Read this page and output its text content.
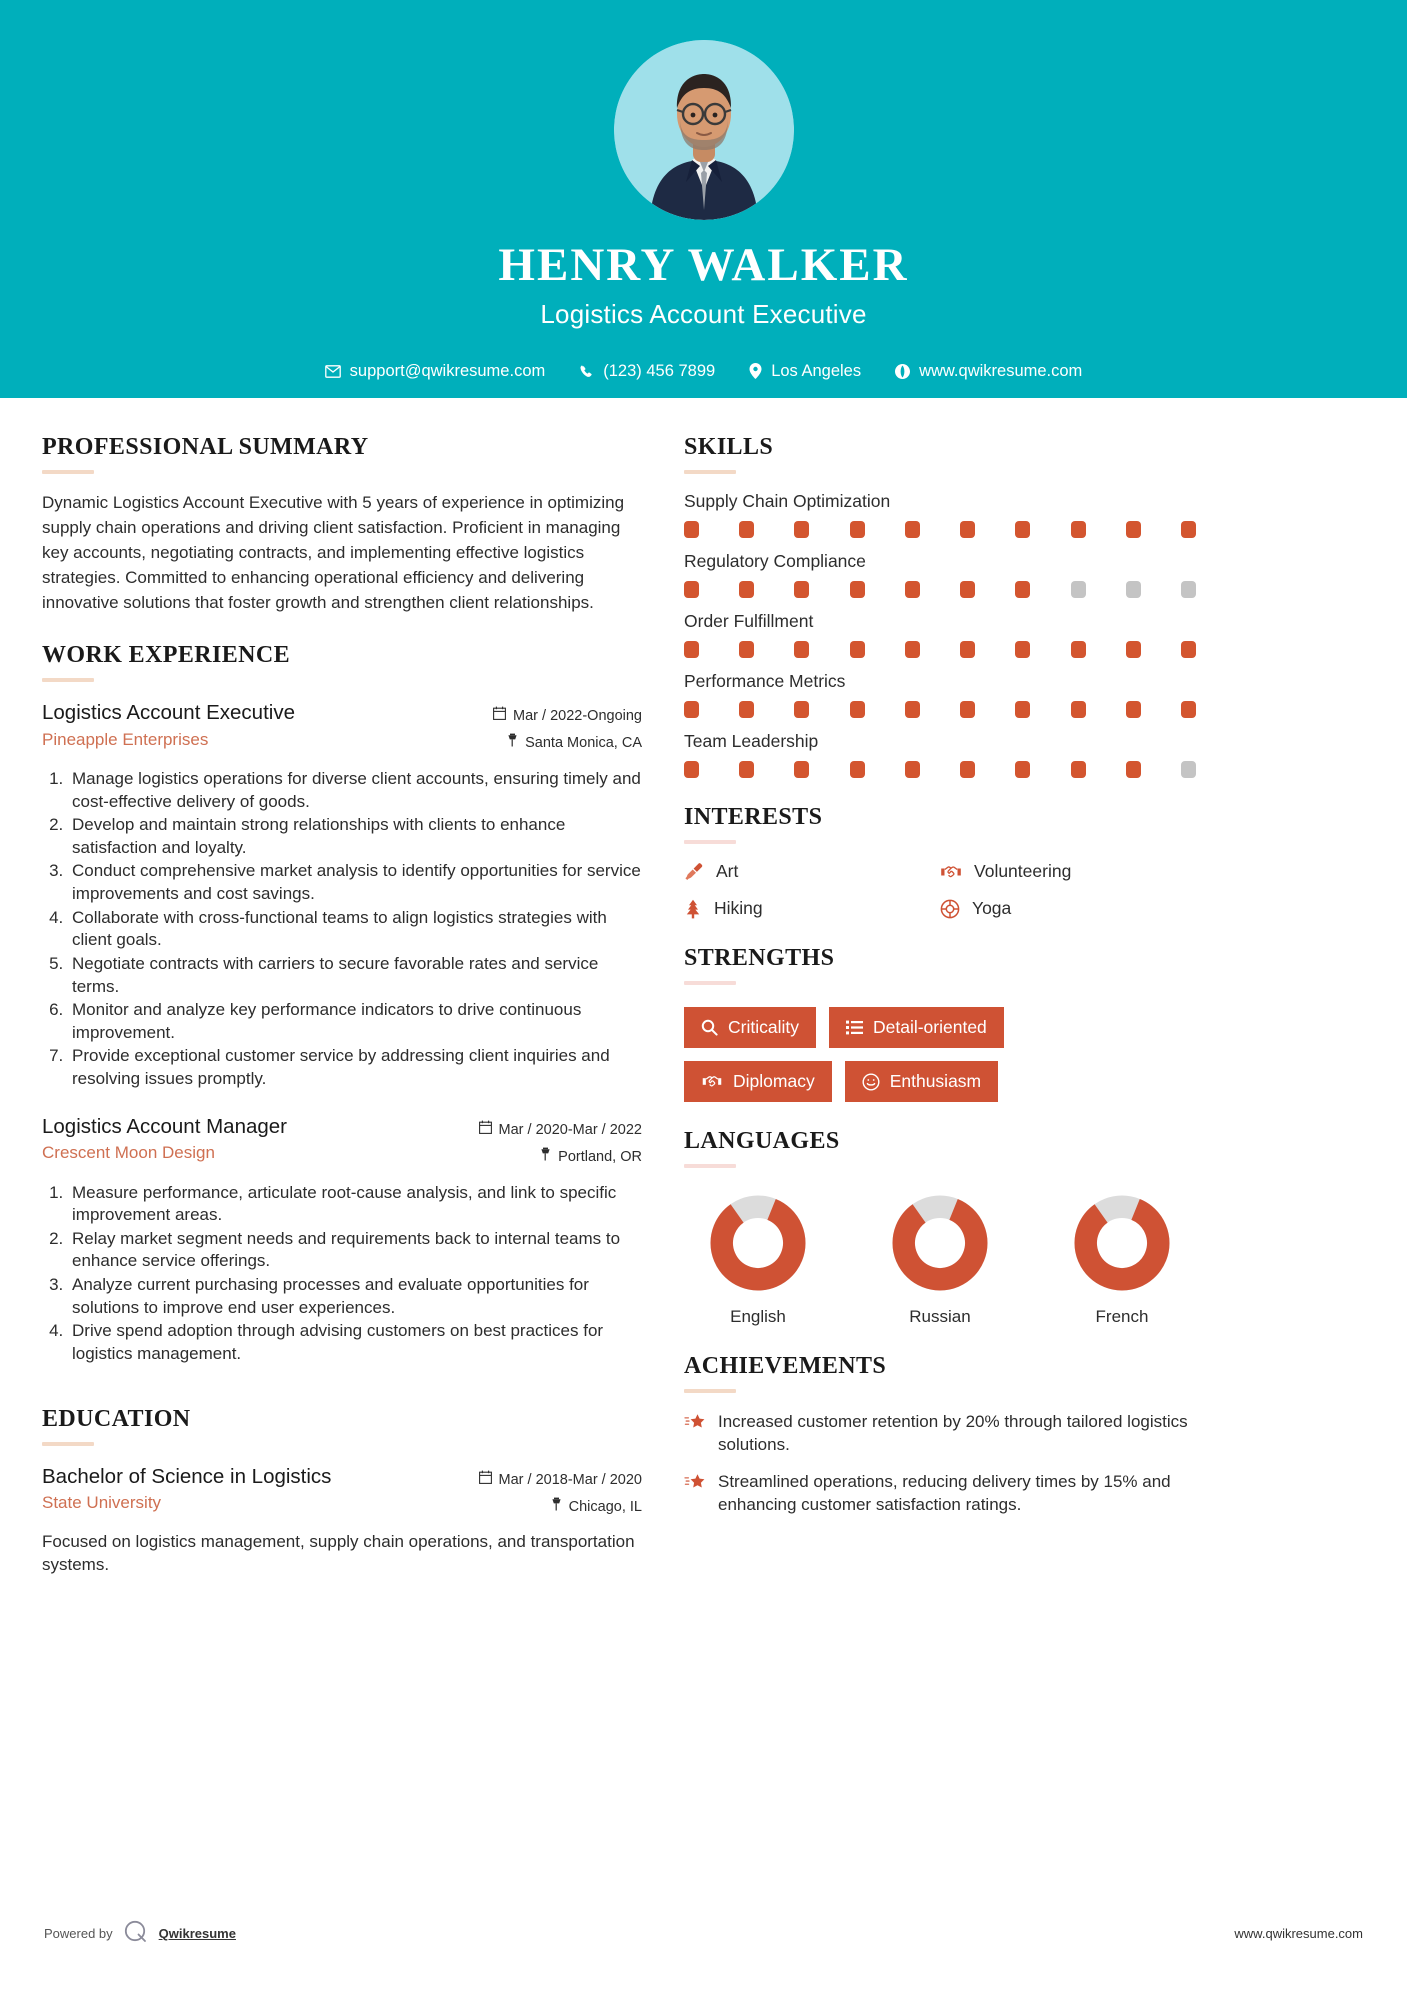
HENRY WALKER
Logistics Account Executive
support@qwikresume.com	(123) 456 7899	Los Angeles	www.qwikresume.com
PROFESSIONAL SUMMARY

Dynamic Logistics Account Executive with 5 years of experience in optimizing supply chain operations and driving client satisfaction. Proficient in managing key accounts, negotiating contracts, and implementing effective logistics strategies. Committed to enhancing operational efficiency and delivering innovative solutions that foster growth and strengthen client relationships.

WORK EXPERIENCE
Logistics Account Executive
Pineapple Enterprises
Mar / 2022-Ongoing
Santa Monica, CA
1. Manage logistics operations for diverse client accounts, ensuring timely and cost-effective delivery of goods.
2. Develop and maintain strong relationships with clients to enhance satisfaction and loyalty.
3. Conduct comprehensive market analysis to identify opportunities for service improvements and cost savings.
4. Collaborate with cross-functional teams to align logistics strategies with client goals.
5. Negotiate contracts with carriers to secure favorable rates and service terms.
6. Monitor and analyze key performance indicators to drive continuous improvement.
7. Provide exceptional customer service by addressing client inquiries and resolving issues promptly.
Logistics Account Manager
Crescent Moon Design
Mar / 2020-Mar / 2022
Portland, OR
1. Measure performance, articulate root-cause analysis, and link to specific improvement areas.
2. Relay market segment needs and requirements back to internal teams to enhance service offerings.
3. Analyze current purchasing processes and evaluate opportunities for solutions to improve end user experiences.
4. Drive spend adoption through advising customers on best practices for logistics management.
EDUCATION
Bachelor of Science in Logistics
State University
Mar / 2018-Mar / 2020
Chicago, IL

Focused on logistics management, supply chain operations, and transportation systems.

SKILLS
Supply Chain Optimization
Regulatory Compliance
Order Fulfillment
Performance Metrics
Team Leadership
INTERESTS
Art	Volunteering
Hiking	Yoga
STRENGTHS
Criticality	Detail-oriented
Diplomacy	Enthusiasm
LANGUAGES
English	Russian	French
ACHIEVEMENTS
Increased customer retention by 20% through tailored logistics solutions.
Streamlined operations, reducing delivery times by 15% and enhancing customer satisfaction ratings.
Powered by	Qwikresume	www.qwikresume.com
